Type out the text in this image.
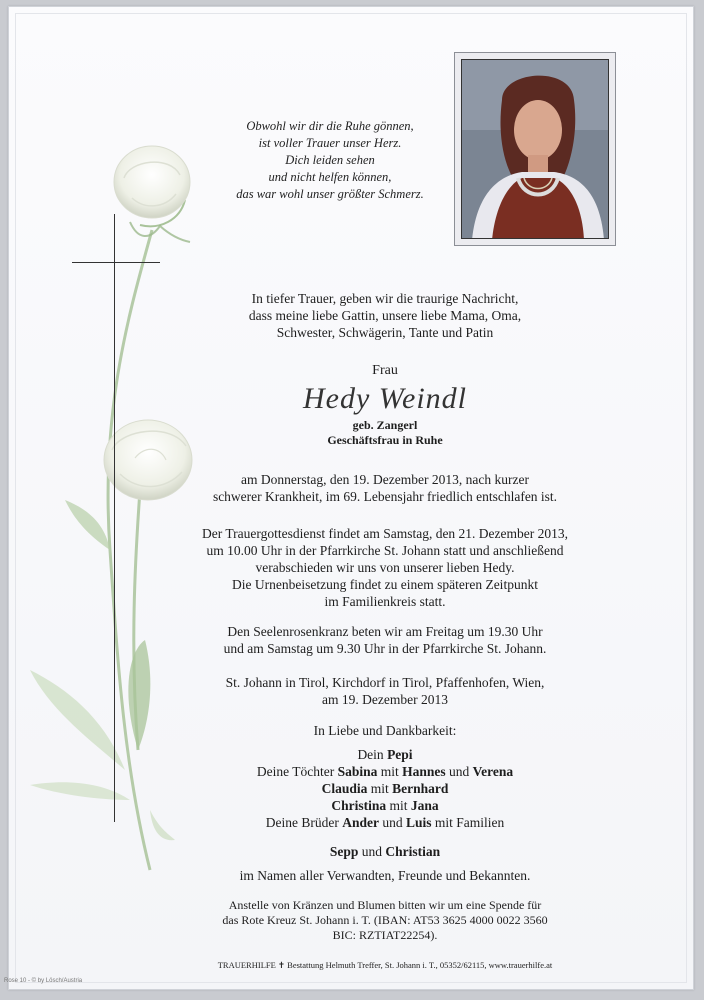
Obwohl wir dir die Ruhe gönnen,
ist voller Trauer unser Herz.
Dich leiden sehen
und nicht helfen können,
das war wohl unser größter Schmerz.
In tiefer Trauer, geben wir die traurige Nachricht,
dass meine liebe Gattin, unsere liebe Mama, Oma,
Schwester, Schwägerin, Tante und Patin
Frau
Hedy Weindl
geb. Zangerl
Geschäftsfrau in Ruhe
am Donnerstag, den 19. Dezember 2013, nach kurzer
schwerer Krankheit, im 69. Lebensjahr friedlich entschlafen ist.
Der Trauergottesdienst findet am Samstag, den 21. Dezember 2013,
um 10.00 Uhr in der Pfarrkirche St. Johann statt und anschließend
verabschieden wir uns von unserer lieben Hedy.
Die Urnenbeisetzung findet zu einem späteren Zeitpunkt
im Familienkreis statt.
Den Seelenrosenkranz beten wir am Freitag um 19.30 Uhr
und am Samstag um 9.30 Uhr in der Pfarrkirche St. Johann.
St. Johann in Tirol, Kirchdorf in Tirol, Pfaffenhofen, Wien,
am 19. Dezember 2013
In Liebe und Dankbarkeit:
Dein Pepi
Deine Töchter Sabina mit Hannes und Verena
Claudia mit Bernhard
Christina mit Jana
Deine Brüder Ander und Luis mit Familien
Sepp und Christian
im Namen aller Verwandten, Freunde und Bekannten.
Anstelle von Kränzen und Blumen bitten wir um eine Spende für
das Rote Kreuz St. Johann i. T. (IBAN: AT53 3625 4000 0022 3560
BIC: RZTIAT22254).
TRAUERHILFE ✝ Bestattung Helmuth Treffer, St. Johann i. T., 05352/62115, www.trauerhilfe.at
Rose 10 - © by Lösch/Austria
